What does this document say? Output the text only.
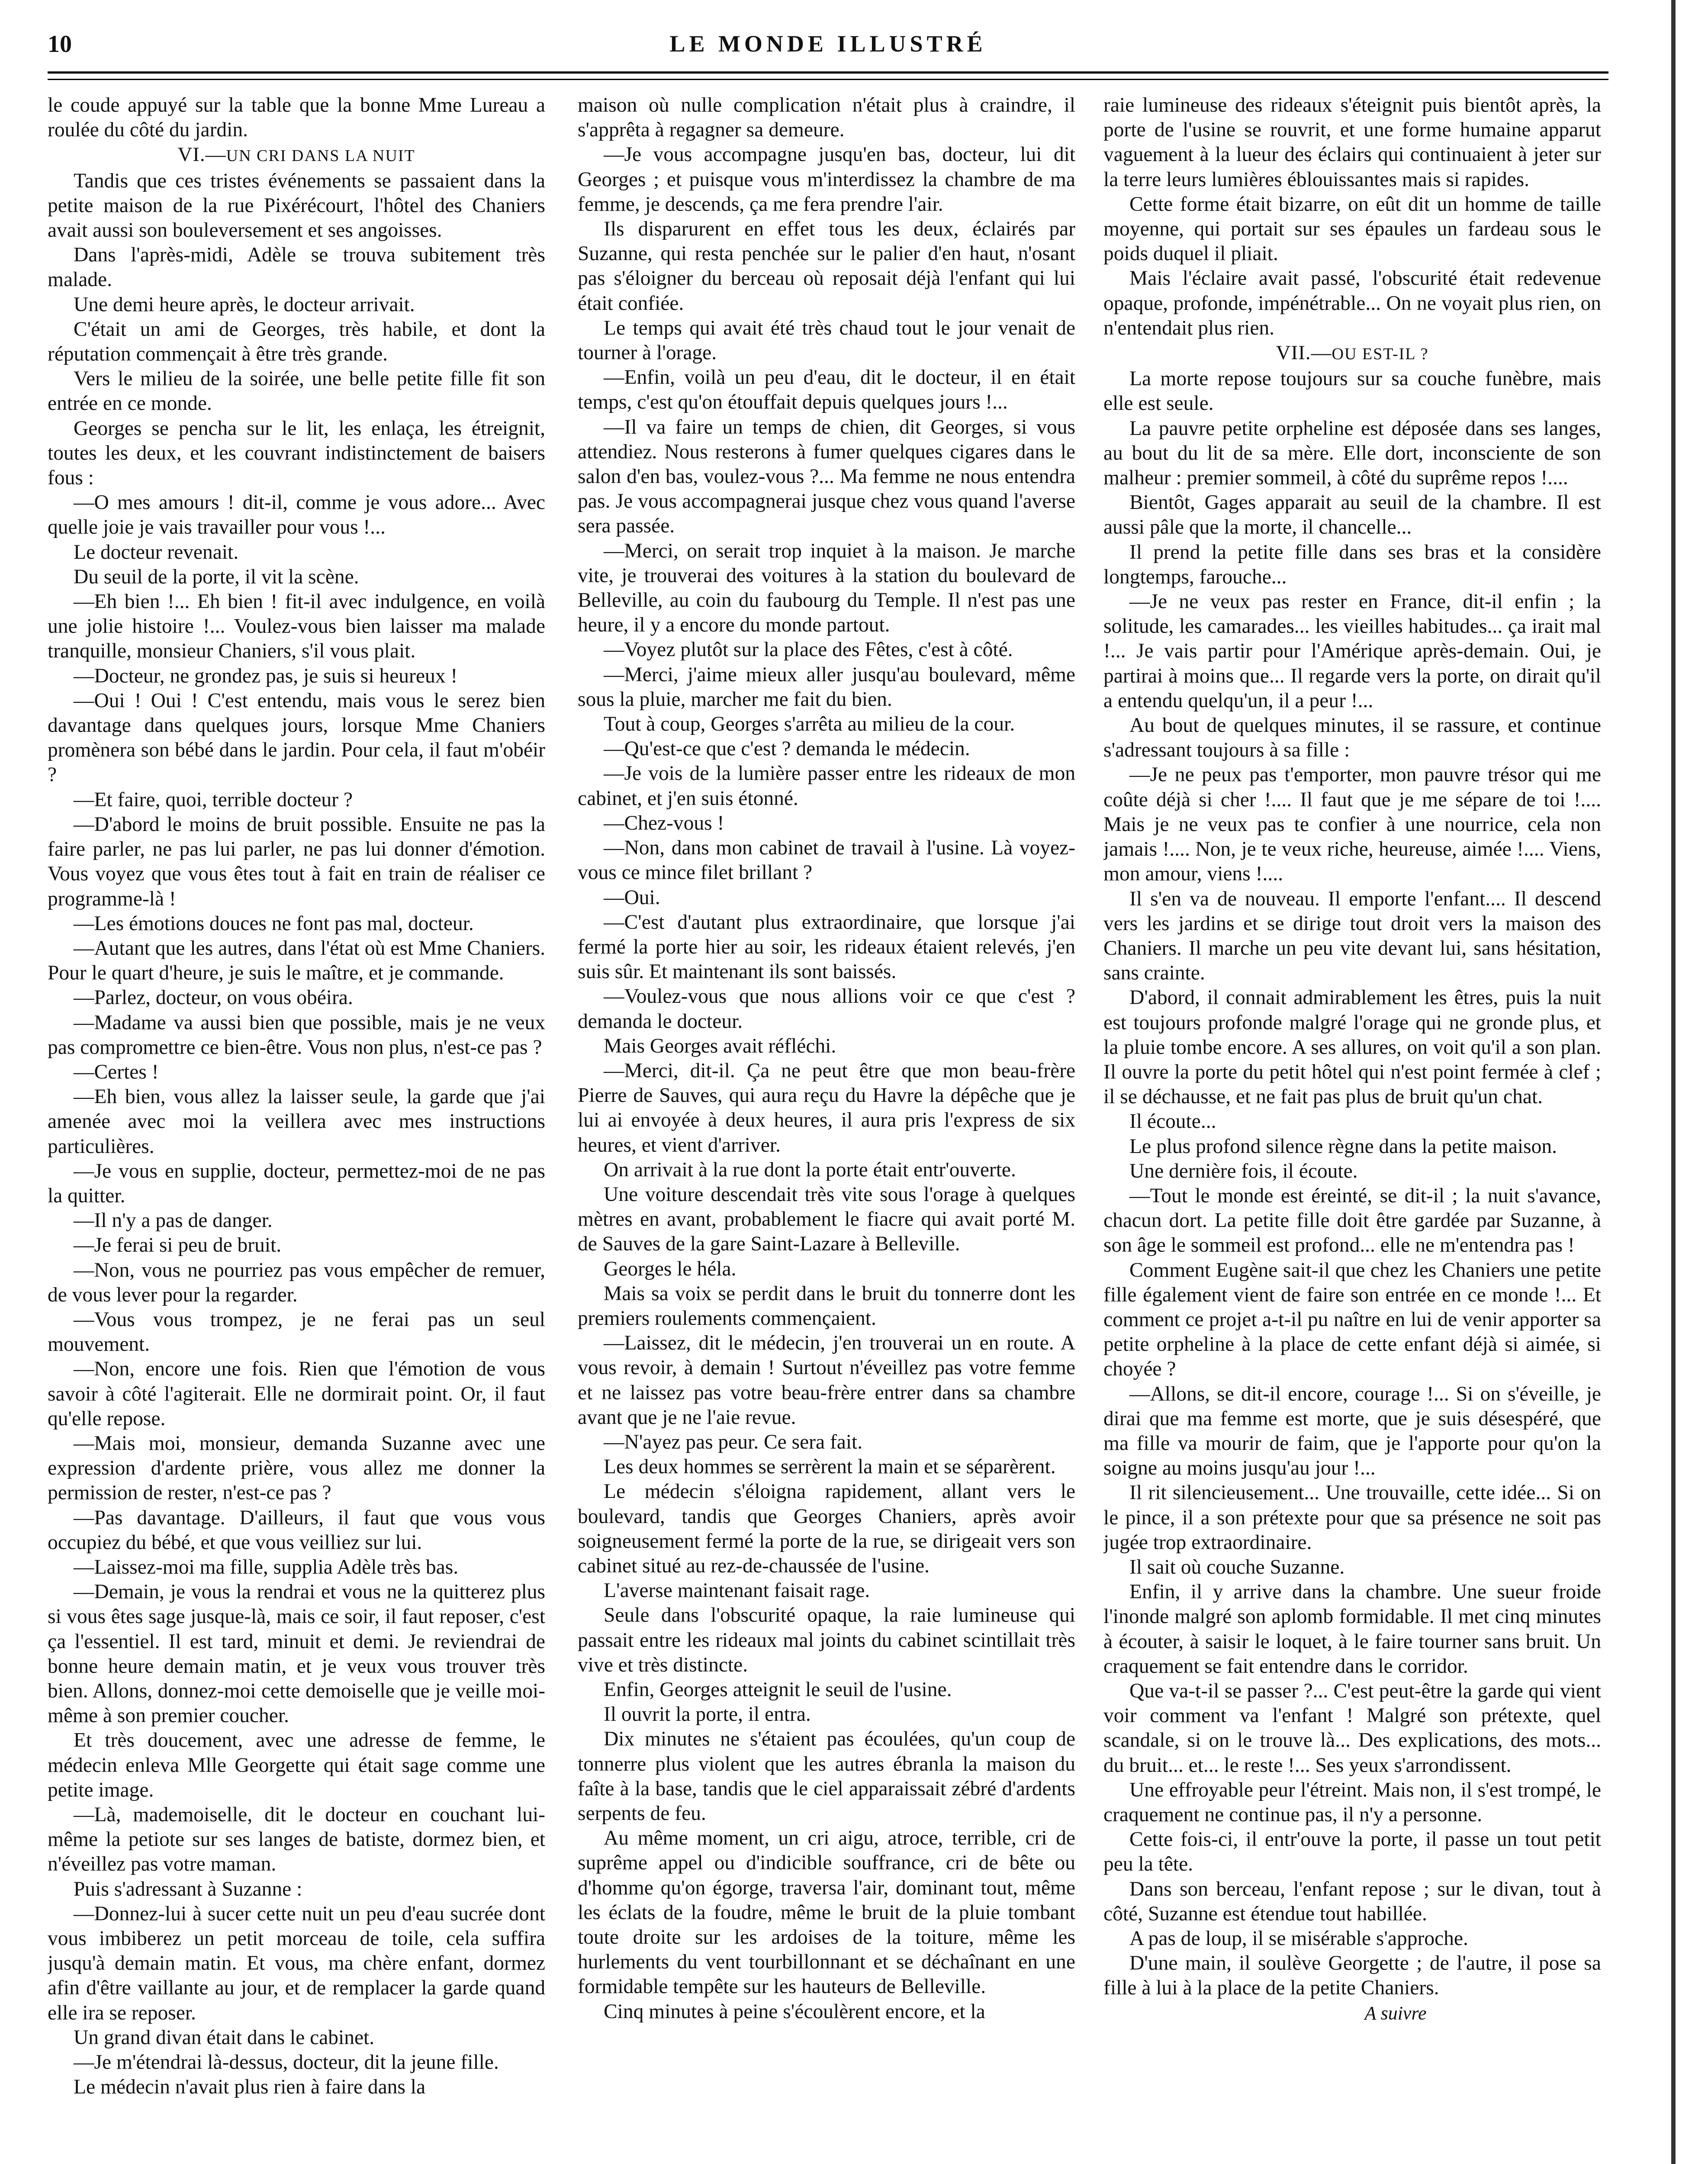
10	LE MONDE ILLUSTRÉ

le coude appuyé sur la table que la bonne Mme Lureau a roulée du côté du jardin.

VI.—UN CRI DANS LA NUIT

Tandis que ces tristes événements se passaient dans la petite maison de la rue Pixérécourt, l'hôtel des Chaniers avait aussi son bouleversement et ses angoisses.

Dans l'après-midi, Adèle se trouva subitement très malade.

Une demi heure après, le docteur arrivait.

C'était un ami de Georges, très habile, et dont la réputation commençait à être très grande.

Vers le milieu de la soirée, une belle petite fille fit son entrée en ce monde.

Georges se pencha sur le lit, les enlaça, les étreignit, toutes les deux, et les couvrant indistinctement de baisers fous :

—O mes amours ! dit-il, comme je vous adore... Avec quelle joie je vais travailler pour vous !...

Le docteur revenait.

Du seuil de la porte, il vit la scène.

—Eh bien !... Eh bien ! fit-il avec indulgence, en voilà une jolie histoire !... Voulez-vous bien laisser ma malade tranquille, monsieur Chaniers, s'il vous plait.

—Docteur, ne grondez pas, je suis si heureux !

—Oui ! Oui ! C'est entendu, mais vous le serez bien davantage dans quelques jours, lorsque Mme Chaniers promènera son bébé dans le jardin. Pour cela, il faut m'obéir ?

—Et faire, quoi, terrible docteur ?

—D'abord le moins de bruit possible. Ensuite ne pas la faire parler, ne pas lui parler, ne pas lui donner d'émotion. Vous voyez que vous êtes tout à fait en train de réaliser ce programme-là !

—Les émotions douces ne font pas mal, docteur.

—Autant que les autres, dans l'état où est Mme Chaniers. Pour le quart d'heure, je suis le maître, et je commande.

—Parlez, docteur, on vous obéira.

—Madame va aussi bien que possible, mais je ne veux pas compromettre ce bien-être. Vous non plus, n'est-ce pas ?

—Certes !

—Eh bien, vous allez la laisser seule, la garde que j'ai amenée avec moi la veillera avec mes instructions particulières.

—Je vous en supplie, docteur, permettez-moi de ne pas la quitter.

—Il n'y a pas de danger.

—Je ferai si peu de bruit.

—Non, vous ne pourriez pas vous empêcher de remuer, de vous lever pour la regarder.

—Vous vous trompez, je ne ferai pas un seul mouvement.

—Non, encore une fois. Rien que l'émotion de vous savoir à côté l'agiterait. Elle ne dormirait point. Or, il faut qu'elle repose.

—Mais moi, monsieur, demanda Suzanne avec une expression d'ardente prière, vous allez me donner la permission de rester, n'est-ce pas ?

—Pas davantage. D'ailleurs, il faut que vous vous occupiez du bébé, et que vous veilliez sur lui.

—Laissez-moi ma fille, supplia Adèle très bas.

—Demain, je vous la rendrai et vous ne la quitterez plus si vous êtes sage jusque-là, mais ce soir, il faut reposer, c'est ça l'essentiel. Il est tard, minuit et demi. Je reviendrai de bonne heure demain matin, et je veux vous trouver très bien. Allons, donnez-moi cette demoiselle que je veille moi-même à son premier coucher.

Et très doucement, avec une adresse de femme, le médecin enleva Mlle Georgette qui était sage comme une petite image.

—Là, mademoiselle, dit le docteur en couchant lui-même la petiote sur ses langes de batiste, dormez bien, et n'éveillez pas votre maman.

Puis s'adressant à Suzanne :

—Donnez-lui à sucer cette nuit un peu d'eau sucrée dont vous imbiberez un petit morceau de toile, cela suffira jusqu'à demain matin. Et vous, ma chère enfant, dormez afin d'être vaillante au jour, et de remplacer la garde quand elle ira se reposer.

Un grand divan était dans le cabinet.

—Je m'étendrai là-dessus, docteur, dit la jeune fille.

Le médecin n'avait plus rien à faire dans la

maison où nulle complication n'était plus à craindre, il s'apprêta à regagner sa demeure.

—Je vous accompagne jusqu'en bas, docteur, lui dit Georges ; et puisque vous m'interdissez la chambre de ma femme, je descends, ça me fera prendre l'air.

Ils disparurent en effet tous les deux, éclairés par Suzanne, qui resta penchée sur le palier d'en haut, n'osant pas s'éloigner du berceau où reposait déjà l'enfant qui lui était confiée.

Le temps qui avait été très chaud tout le jour venait de tourner à l'orage.

—Enfin, voilà un peu d'eau, dit le docteur, il en était temps, c'est qu'on étouffait depuis quelques jours !...

—Il va faire un temps de chien, dit Georges, si vous attendiez. Nous resterons à fumer quelques cigares dans le salon d'en bas, voulez-vous ?... Ma femme ne nous entendra pas. Je vous accompagnerai jusque chez vous quand l'averse sera passée.

—Merci, on serait trop inquiet à la maison. Je marche vite, je trouverai des voitures à la station du boulevard de Belleville, au coin du faubourg du Temple. Il n'est pas une heure, il y a encore du monde partout.

—Voyez plutôt sur la place des Fêtes, c'est à côté.

—Merci, j'aime mieux aller jusqu'au boulevard, même sous la pluie, marcher me fait du bien.

Tout à coup, Georges s'arrêta au milieu de la cour.

—Qu'est-ce que c'est ? demanda le médecin.

—Je vois de la lumière passer entre les rideaux de mon cabinet, et j'en suis étonné.

—Chez-vous !

—Non, dans mon cabinet de travail à l'usine. Là voyez-vous ce mince filet brillant ?

—Oui.

—C'est d'autant plus extraordinaire, que lorsque j'ai fermé la porte hier au soir, les rideaux étaient relevés, j'en suis sûr. Et maintenant ils sont baissés.

—Voulez-vous que nous allions voir ce que c'est ? demanda le docteur.

Mais Georges avait réfléchi.

—Merci, dit-il. Ça ne peut être que mon beau-frère Pierre de Sauves, qui aura reçu du Havre la dépêche que je lui ai envoyée à deux heures, il aura pris l'express de six heures, et vient d'arriver.

On arrivait à la rue dont la porte était entr'ouverte.

Une voiture descendait très vite sous l'orage à quelques mètres en avant, probablement le fiacre qui avait porté M. de Sauves de la gare Saint-Lazare à Belleville.

Georges le héla.

Mais sa voix se perdit dans le bruit du tonnerre dont les premiers roulements commençaient.

—Laissez, dit le médecin, j'en trouverai un en route. A vous revoir, à demain ! Surtout n'éveillez pas votre femme et ne laissez pas votre beau-frère entrer dans sa chambre avant que je ne l'aie revue.

—N'ayez pas peur. Ce sera fait.

Les deux hommes se serrèrent la main et se séparèrent.

Le médecin s'éloigna rapidement, allant vers le boulevard, tandis que Georges Chaniers, après avoir soigneusement fermé la porte de la rue, se dirigeait vers son cabinet situé au rez-de-chaussée de l'usine.

L'averse maintenant faisait rage.

Seule dans l'obscurité opaque, la raie lumineuse qui passait entre les rideaux mal joints du cabinet scintillait très vive et très distincte.

Enfin, Georges atteignit le seuil de l'usine.

Il ouvrit la porte, il entra.

Dix minutes ne s'étaient pas écoulées, qu'un coup de tonnerre plus violent que les autres ébranla la maison du faîte à la base, tandis que le ciel apparaissait zébré d'ardents serpents de feu.

Au même moment, un cri aigu, atroce, terrible, cri de suprême appel ou d'indicible souffrance, cri de bête ou d'homme qu'on égorge, traversa l'air, dominant tout, même les éclats de la foudre, même le bruit de la pluie tombant toute droite sur les ardoises de la toiture, même les hurlements du vent tourbillonnant et se déchaînant en une formidable tempête sur les hauteurs de Belleville.

Cinq minutes à peine s'écoulèrent encore, et la

raie lumineuse des rideaux s'éteignit puis bientôt après, la porte de l'usine se rouvrit, et une forme humaine apparut vaguement à la lueur des éclairs qui continuaient à jeter sur la terre leurs lumières éblouissantes mais si rapides.

Cette forme était bizarre, on eût dit un homme de taille moyenne, qui portait sur ses épaules un fardeau sous le poids duquel il pliait.

Mais l'éclaire avait passé, l'obscurité était redevenue opaque, profonde, impénétrable... On ne voyait plus rien, on n'entendait plus rien.

VII.—OU EST-IL ?

La morte repose toujours sur sa couche funèbre, mais elle est seule.

La pauvre petite orpheline est déposée dans ses langes, au bout du lit de sa mère. Elle dort, inconsciente de son malheur : premier sommeil, à côté du suprême repos !....

Bientôt, Gages apparait au seuil de la chambre. Il est aussi pâle que la morte, il chancelle...

Il prend la petite fille dans ses bras et la considère longtemps, farouche...

—Je ne veux pas rester en France, dit-il enfin ; la solitude, les camarades... les vieilles habitudes... ça irait mal !... Je vais partir pour l'Amérique après-demain. Oui, je partirai à moins que... Il regarde vers la porte, on dirait qu'il a entendu quelqu'un, il a peur !...

Au bout de quelques minutes, il se rassure, et continue s'adressant toujours à sa fille :

—Je ne peux pas t'emporter, mon pauvre trésor qui me coûte déjà si cher !.... Il faut que je me sépare de toi !.... Mais je ne veux pas te confier à une nourrice, cela non jamais !.... Non, je te veux riche, heureuse, aimée !.... Viens, mon amour, viens !....

Il s'en va de nouveau. Il emporte l'enfant.... Il descend vers les jardins et se dirige tout droit vers la maison des Chaniers. Il marche un peu vite devant lui, sans hésitation, sans crainte.

D'abord, il connait admirablement les êtres, puis la nuit est toujours profonde malgré l'orage qui ne gronde plus, et la pluie tombe encore. A ses allures, on voit qu'il a son plan. Il ouvre la porte du petit hôtel qui n'est point fermée à clef ; il se déchausse, et ne fait pas plus de bruit qu'un chat.

Il écoute...

Le plus profond silence règne dans la petite maison.

Une dernière fois, il écoute.

—Tout le monde est éreinté, se dit-il ; la nuit s'avance, chacun dort. La petite fille doit être gardée par Suzanne, à son âge le sommeil est profond... elle ne m'entendra pas !

Comment Eugène sait-il que chez les Chaniers une petite fille également vient de faire son entrée en ce monde !... Et comment ce projet a-t-il pu naître en lui de venir apporter sa petite orpheline à la place de cette enfant déjà si aimée, si choyée ?

—Allons, se dit-il encore, courage !... Si on s'éveille, je dirai que ma femme est morte, que je suis désespéré, que ma fille va mourir de faim, que je l'apporte pour qu'on la soigne au moins jusqu'au jour !...

Il rit silencieusement... Une trouvaille, cette idée... Si on le pince, il a son prétexte pour que sa présence ne soit pas jugée trop extraordinaire.

Il sait où couche Suzanne.

Enfin, il y arrive dans la chambre. Une sueur froide l'inonde malgré son aplomb formidable. Il met cinq minutes à écouter, à saisir le loquet, à le faire tourner sans bruit. Un craquement se fait entendre dans le corridor.

Que va-t-il se passer ?... C'est peut-être la garde qui vient voir comment va l'enfant ! Malgré son prétexte, quel scandale, si on le trouve là... Des explications, des mots... du bruit... et... le reste !... Ses yeux s'arrondissent.

Une effroyable peur l'étreint. Mais non, il s'est trompé, le craquement ne continue pas, il n'y a personne.

Cette fois-ci, il entr'ouve la porte, il passe un tout petit peu la tête.

Dans son berceau, l'enfant repose ; sur le divan, tout à côté, Suzanne est étendue tout habillée.

A pas de loup, il se misérable s'approche.

D'une main, il soulève Georgette ; de l'autre, il pose sa fille à lui à la place de la petite Chaniers.

A suivre
